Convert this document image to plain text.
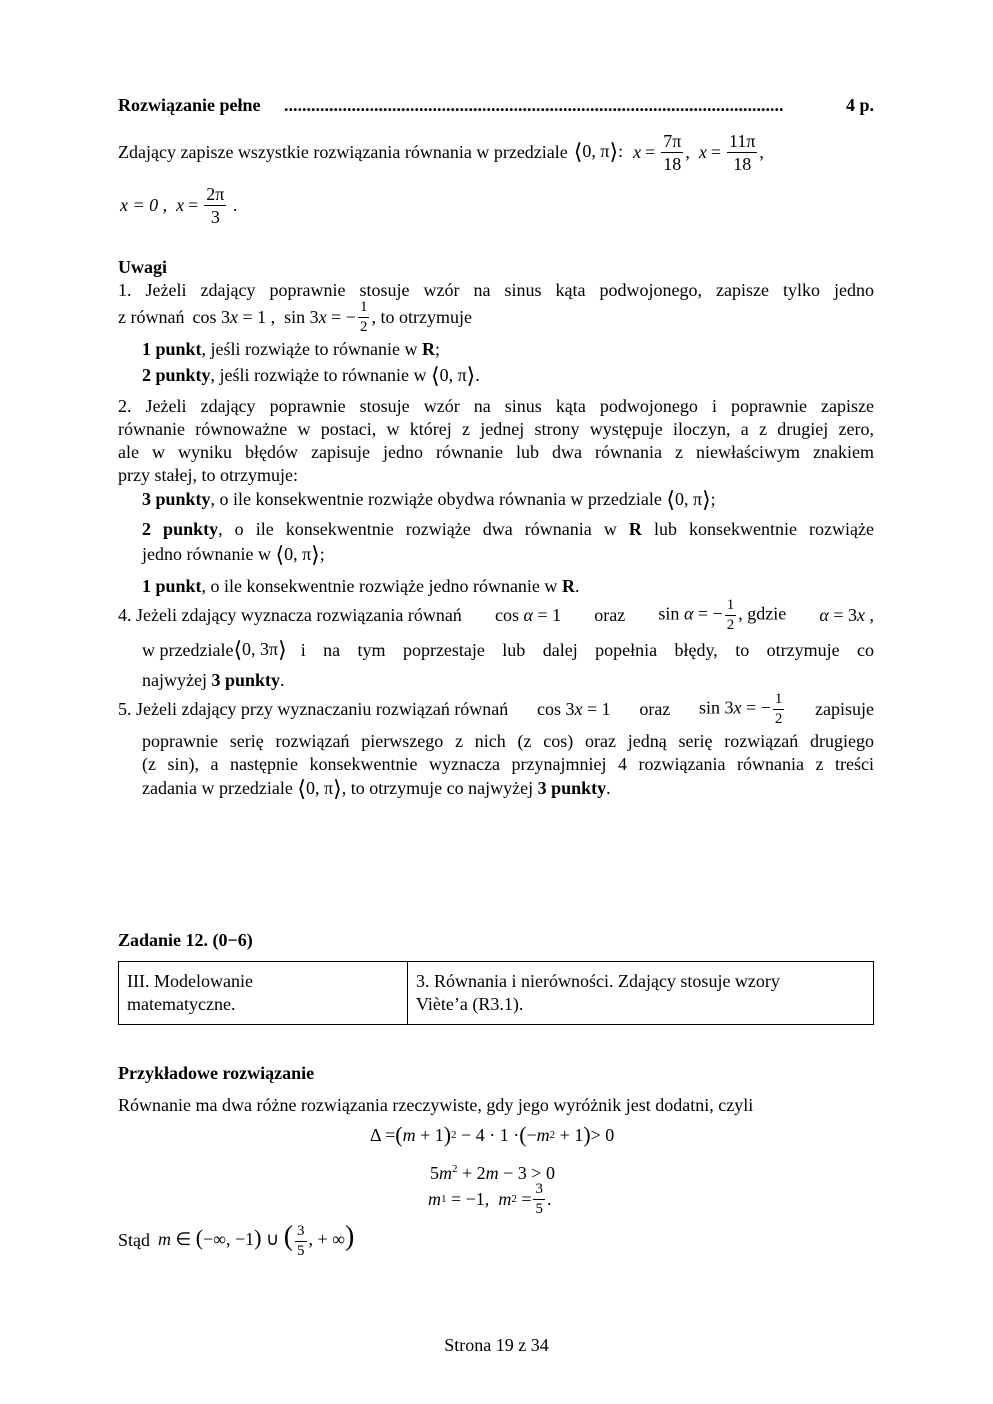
Rozwiązanie pełne ...............................................................................................................	4 p.
Zdający zapisze wszystkie rozwiązania równania w przedziale ⟨0, π⟩: $x = \frac{7\pi}{18}$ , $x = \frac{11\pi}{18}$ ,
x = 0 , $x = \frac{2\pi}{3}$ .
Uwagi
1. Jeżeli zdający poprawnie stosuje wzór na sinus kąta podwojonego, zapisze tylko jedno
z równań cos 3x = 1 ,  sin 3x = − $\frac{1}{2}$ , to otrzymuje
1 punkt, jeśli rozwiąże to równanie w R;
2 punkty, jeśli rozwiąże to równanie w ⟨0, π⟩.
2. Jeżeli zdający poprawnie stosuje wzór na sinus kąta podwojonego i poprawnie zapisze
równanie równoważne w postaci, w której z jednej strony występuje iloczyn, a z drugiej zero,
ale w wyniku błędów zapisuje jedno równanie lub dwa równania z niewłaściwym znakiem
przy stałej, to otrzymuje:
3 punkty, o ile konsekwentnie rozwiąże obydwa równania w przedziale ⟨0, π⟩;
2 punkty, o ile konsekwentnie rozwiąże dwa równania w R lub konsekwentnie rozwiąże
jedno równanie w ⟨0, π⟩;
1 punkt, o ile konsekwentnie rozwiąże jedno równanie w R.
4. Jeżeli zdający wyznacza rozwiązania równań cos α = 1 oraz sin α = − $\frac{1}{2}$ , gdzie α = 3x ,
w przedziale ⟨0, 3π⟩ i na tym poprzestaje lub dalej popełnia błędy, to otrzymuje co
najwyżej 3 punkty.
5. Jeżeli zdający przy wyznaczaniu rozwiązań równań cos 3x = 1 oraz sin 3x = − $\frac{1}{2}$ zapisuje
poprawnie serię rozwiązań pierwszego z nich (z cos) oraz jedną serię rozwiązań drugiego
(z sin), a następnie konsekwentnie wyznacza przynajmniej 4 rozwiązania równania z treści
zadania w przedziale ⟨0, π⟩, to otrzymuje co najwyżej 3 punkty.
Zadanie 12. (0−6)
III. Modelowanie
matematyczne.

3. Równania i nierówności. Zdający stosuje wzory
Viète’a (R3.1).
Przykładowe rozwiązanie
Równanie ma dwa różne rozwiązania rzeczywiste, gdy jego wyróżnik jest dodatni, czyli
Δ = ( m + 1 ) 2 − 4 · 1 · ( − m 2 + 1 ) > 0
$5m^2 + 2m - 3 > 0$
m 1 = −1, m $2 = \frac{3}{5}$ .
Stąd m ∈ (−∞, −1) ∪ ( $\frac{3}{5}$ , + ∞)
Strona 19 z 34
